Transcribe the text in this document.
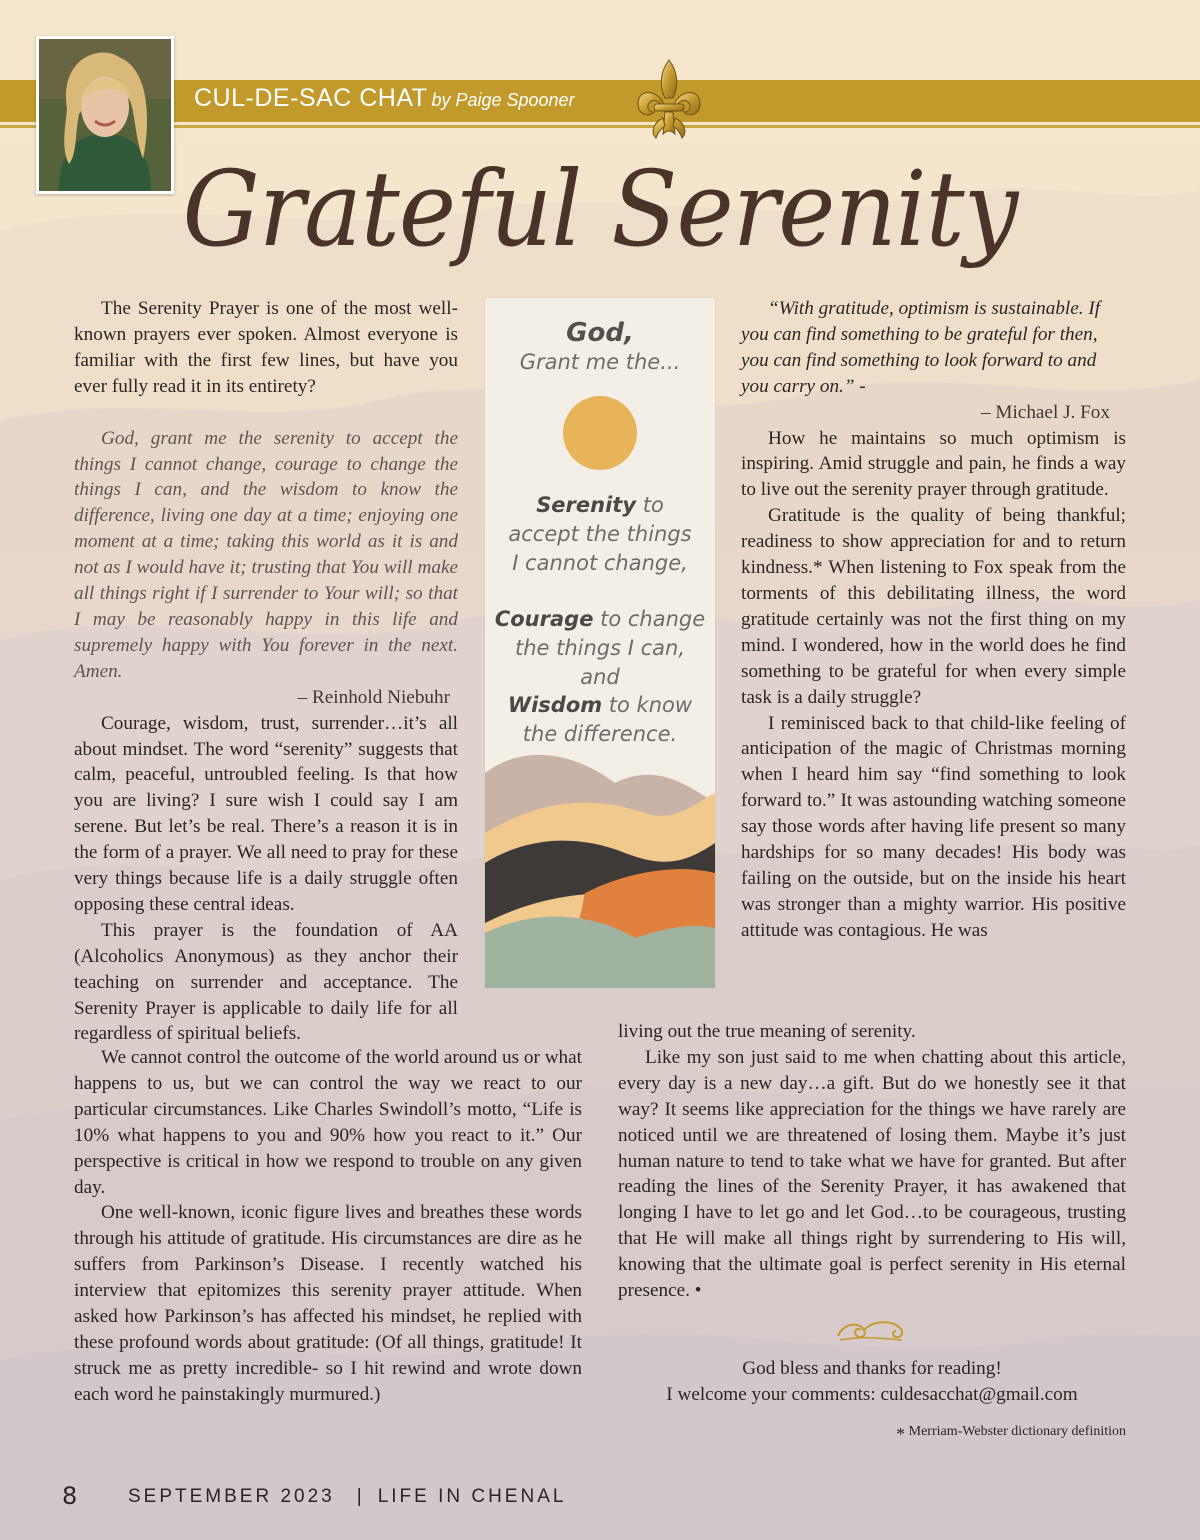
CUL-DE-SAC CHAT by Paige Spooner
Grateful Serenity

The Serenity Prayer is one of the most well-known prayers ever spoken. Almost everyone is familiar with the first few lines, but have you ever fully read it in its entirety?

God, grant me the serenity to accept the things I cannot change, courage to change the things I can, and the wisdom to know the difference, living one day at a time; enjoying one moment at a time; taking this world as it is and not as I would have it; trusting that You will make all things right if I surrender to Your will; so that I may be reasonably happy in this life and supremely happy with You forever in the next. Amen.

– Reinhold Niebuhr

Courage, wisdom, trust, surrender…it’s all about mindset. The word “serenity” suggests that calm, peaceful, untroubled feeling. Is that how you are living? I sure wish I could say I am serene. But let’s be real. There’s a reason it is in the form of a prayer. We all need to pray for these very things because life is a daily struggle often opposing these central ideas.

This prayer is the foundation of AA (Alcoholics Anonymous) as they anchor their teaching on surrender and acceptance. The Serenity Prayer is applicable to daily life for all regardless of spiritual beliefs.

We cannot control the outcome of the world around us or what happens to us, but we can control the way we react to our particular circumstances. Like Charles Swindoll’s motto, “Life is 10% what happens to you and 90% how you react to it.” Our perspective is critical in how we respond to trouble on any given day.

One well-known, iconic figure lives and breathes these words through his attitude of gratitude. His circumstances are dire as he suffers from Parkinson’s Disease. I recently watched his interview that epitomizes this serenity prayer attitude. When asked how Parkinson’s has affected his mindset, he replied with these profound words about gratitude: (Of all things, gratitude! It struck me as pretty incredible- so I hit rewind and wrote down each word he painstakingly murmured.)

God,
Grant me the...
Serenity to accept the things I cannot change,
Courage to change the things I can, and
Wisdom to know the difference.

“With gratitude, optimism is sustainable. If you can find something to be grateful for then, you can find something to look forward to and you carry on.” -

– Michael J. Fox

How he maintains so much optimism is inspiring. Amid struggle and pain, he finds a way to live out the serenity prayer through gratitude.

Gratitude is the quality of being thankful; readiness to show appreciation for and to return kindness.* When listening to Fox speak from the torments of this debilitating illness, the word gratitude certainly was not the first thing on my mind. I wondered, how in the world does he find something to be grateful for when every simple task is a daily struggle?

I reminisced back to that child-like feeling of anticipation of the magic of Christmas morning when I heard him say “find something to look forward to.” It was astounding watching someone say those words after having life present so many hardships for so many decades! His body was failing on the outside, but on the inside his heart was stronger than a mighty warrior. His positive attitude was contagious. He was

living out the true meaning of serenity.

Like my son just said to me when chatting about this article, every day is a new day…a gift. But do we honestly see it that way? It seems like appreciation for the things we have rarely are noticed until we are threatened of losing them. Maybe it’s just human nature to tend to take what we have for granted. But after reading the lines of the Serenity Prayer, it has awakened that longing I have to let go and let God…to be courageous, trusting that He will make all things right by surrendering to His will, knowing that the ultimate goal is perfect serenity in His eternal presence. •

God bless and thanks for reading!
I welcome your comments: culdesacchat@gmail.com
* Merriam-Webster dictionary definition
8	SEPTEMBER 2023 | LIFE IN CHENAL
